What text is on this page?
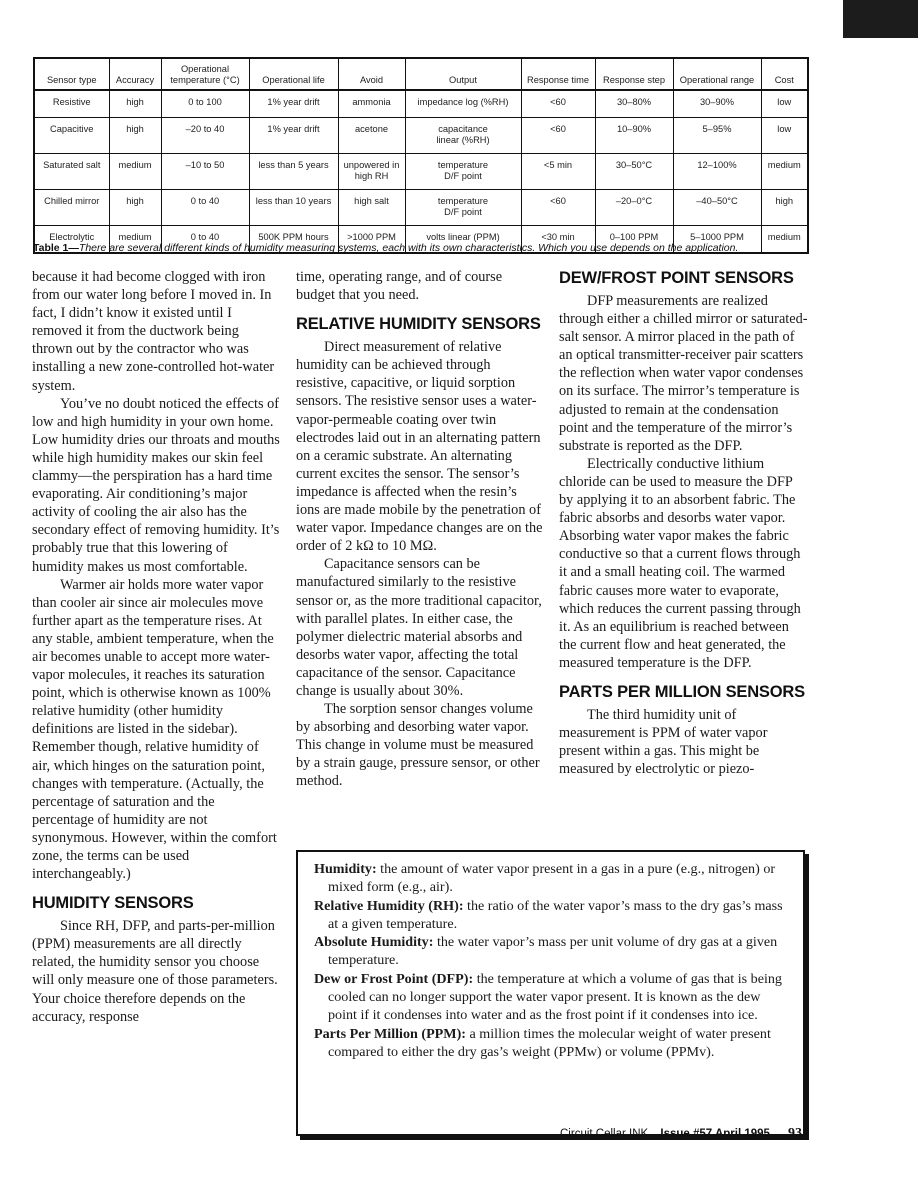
Sensor type	Accuracy	Operational temperature (°C)	Operational life	Avoid	Output	Response time	Response step	Operational range	Cost
Resistive	high	0 to 100	1% year drift	ammonia	impedance log (%RH)	<60	30–80%	30–90%	low
Capacitive	high	–20 to 40	1% year drift	acetone	capacitance linear (%RH)	<60	10–90%	5–95%	low
Saturated salt	medium	–10 to 50	less than 5 years	unpowered in high RH	temperature D/F point	<5 min	30–50°C	12–100%	medium
Chilled mirror	high	0 to 40	less than 10 years	high salt	temperature D/F point	<60	–20–0°C	–40–50°C	high
Electrolytic	medium	0 to 40	500K PPM hours	>1000 PPM	volts linear (PPM)	<30 min	0–100 PPM	5–1000 PPM	medium
Table 1—There are several different kinds of humidity measuring systems, each with its own characteristics. Which you use depends on the application.

because it had become clogged with iron from our water long before I moved in. In fact, I didn’t know it existed until I removed it from the ductwork being thrown out by the contractor who was installing a new zone-controlled hot-water system.

You’ve no doubt noticed the effects of low and high humidity in your own home. Low humidity dries our throats and mouths while high humidity makes our skin feel clammy—the perspiration has a hard time evaporating. Air conditioning’s major activity of cooling the air also has the secondary effect of removing humidity. It’s probably true that this lowering of humidity makes us most comfortable.

Warmer air holds more water vapor than cooler air since air molecules move further apart as the temperature rises. At any stable, ambient temperature, when the air becomes unable to accept more water-vapor molecules, it reaches its saturation point, which is otherwise known as 100% relative humidity (other humidity definitions are listed in the sidebar). Remember though, relative humidity of air, which hinges on the saturation point, changes with temperature. (Actually, the percentage of saturation and the percentage of humidity are not synonymous. However, within the comfort zone, the terms can be used interchangeably.)

HUMIDITY SENSORS

Since RH, DFP, and parts-per-million (PPM) measurements are all directly related, the humidity sensor you choose will only measure one of those parameters. Your choice therefore depends on the accuracy, response

time, operating range, and of course budget that you need.

RELATIVE HUMIDITY SENSORS

Direct measurement of relative humidity can be achieved through resistive, capacitive, or liquid sorption sensors. The resistive sensor uses a water-vapor-permeable coating over twin electrodes laid out in an alternating pattern on a ceramic substrate. An alternating current excites the sensor. The sensor’s impedance is affected when the resin’s ions are made mobile by the penetration of water vapor. Impedance changes are on the order of 2 kΩ to 10 MΩ.

Capacitance sensors can be manufactured similarly to the resistive sensor or, as the more traditional capacitor, with parallel plates. In either case, the polymer dielectric material absorbs and desorbs water vapor, affecting the total capacitance of the sensor. Capacitance change is usually about 30%.

The sorption sensor changes volume by absorbing and desorbing water vapor. This change in volume must be measured by a strain gauge, pressure sensor, or other method.

DEW/FROST POINT SENSORS

DFP measurements are realized through either a chilled mirror or saturated-salt sensor. A mirror placed in the path of an optical transmitter-receiver pair scatters the reflection when water vapor condenses on its surface. The mirror’s temperature is adjusted to remain at the condensation point and the temperature of the mirror’s substrate is reported as the DFP.

Electrically conductive lithium chloride can be used to measure the DFP by applying it to an absorbent fabric. The fabric absorbs and desorbs water vapor. Absorbing water vapor makes the fabric conductive so that a current flows through it and a small heating coil. The warmed fabric causes more water to evaporate, which reduces the current passing through it. As an equilibrium is reached between the current flow and heat generated, the measured temperature is the DFP.

PARTS PER MILLION SENSORS

The third humidity unit of measurement is PPM of water vapor present within a gas. This might be measured by electrolytic or piezo-

Humidity: the amount of water vapor present in a gas in a pure (e.g., nitrogen) or mixed form (e.g., air).

Relative Humidity (RH): the ratio of the water vapor’s mass to the dry gas’s mass at a given temperature.

Absolute Humidity: the water vapor’s mass per unit volume of dry gas at a given temperature.

Dew or Frost Point (DFP): the temperature at which a volume of gas that is being cooled can no longer support the water vapor present. It is known as the dew point if it condenses into water and as the frost point if it condenses into ice.

Parts Per Million (PPM): a million times the molecular weight of water present compared to either the dry gas’s weight (PPMw) or volume (PPMv).

Circuit Cellar INK Issue #57 April 1995 93
